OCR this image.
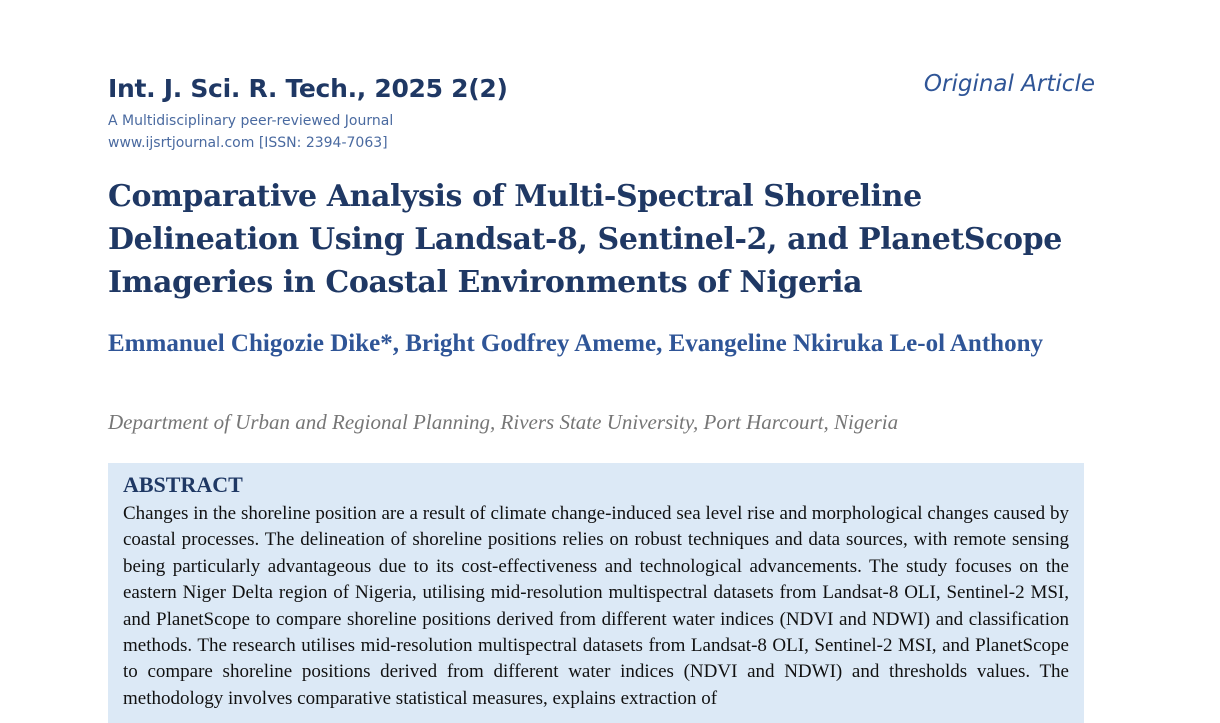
Int. J. Sci. R. Tech., 2025 2(2)
A Multidisciplinary peer-reviewed Journal
www.ijsrtjournal.com [ISSN: 2394-7063]
Original Article
Comparative Analysis of Multi-Spectral Shoreline Delineation Using Landsat-8, Sentinel-2, and PlanetScope Imageries in Coastal Environments of Nigeria

Emmanuel Chigozie Dike*, Bright Godfrey Ameme, Evangeline Nkiruka Le-ol Anthony

Department of Urban and Regional Planning, Rivers State University, Port Harcourt, Nigeria
ABSTRACT

Changes in the shoreline position are a result of climate change-induced sea level rise and morphological changes caused by coastal processes. The delineation of shoreline positions relies on robust techniques and data sources, with remote sensing being particularly advantageous due to its cost-effectiveness and technological advancements. The study focuses on the eastern Niger Delta region of Nigeria, utilising mid-resolution multispectral datasets from Landsat-8 OLI, Sentinel-2 MSI, and PlanetScope to compare shoreline positions derived from different water indices (NDVI and NDWI) and classification methods. The research utilises mid-resolution multispectral datasets from Landsat-8 OLI, Sentinel-2 MSI, and PlanetScope to compare shoreline positions derived from different water indices (NDVI and NDWI) and thresholds values. The methodology involves comparative statistical measures, explains extraction of
